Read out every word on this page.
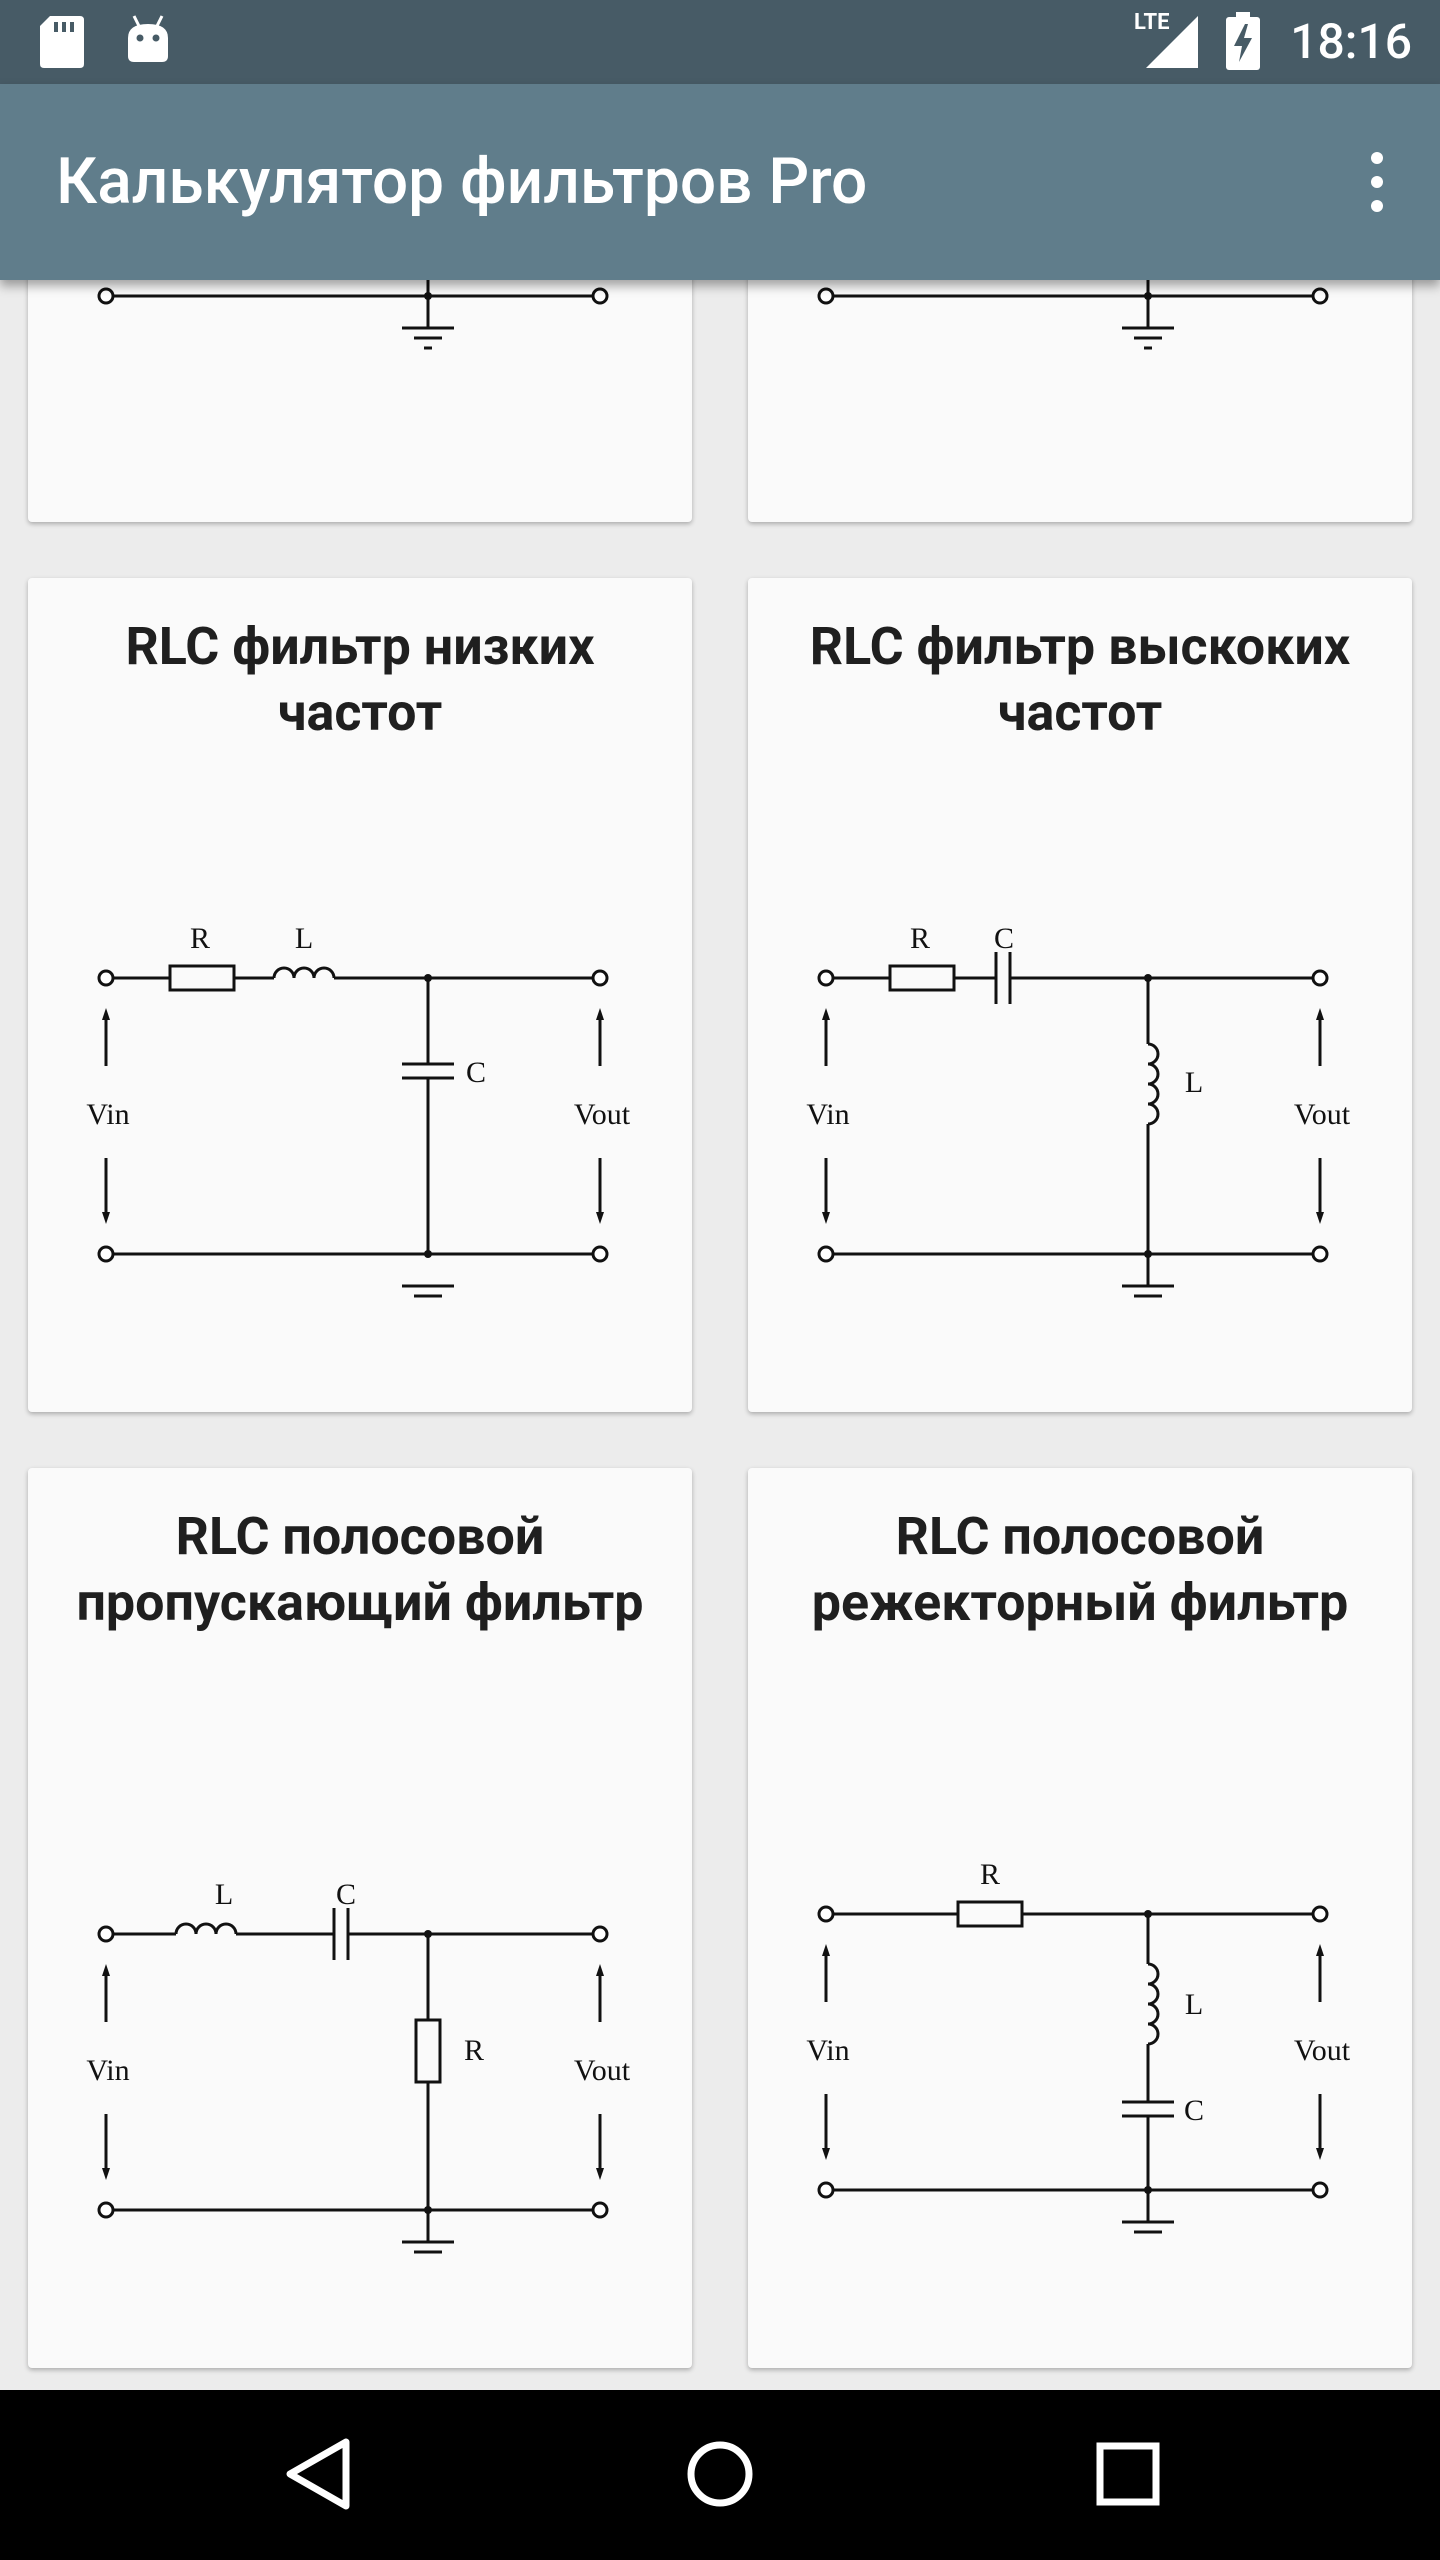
LTE	18:16
Калькулятор фильтров Pro
RLC фильтр низких частот
R	L
C
Vin	Vout
RLC фильтр выскоких частот
R C
L
Vin	Vout
RLC полосовой пропускающий фильтр
L	C
R
Vin	Vout
RLC полосовой режекторный фильтр
R
L
C
Vin	Vout
